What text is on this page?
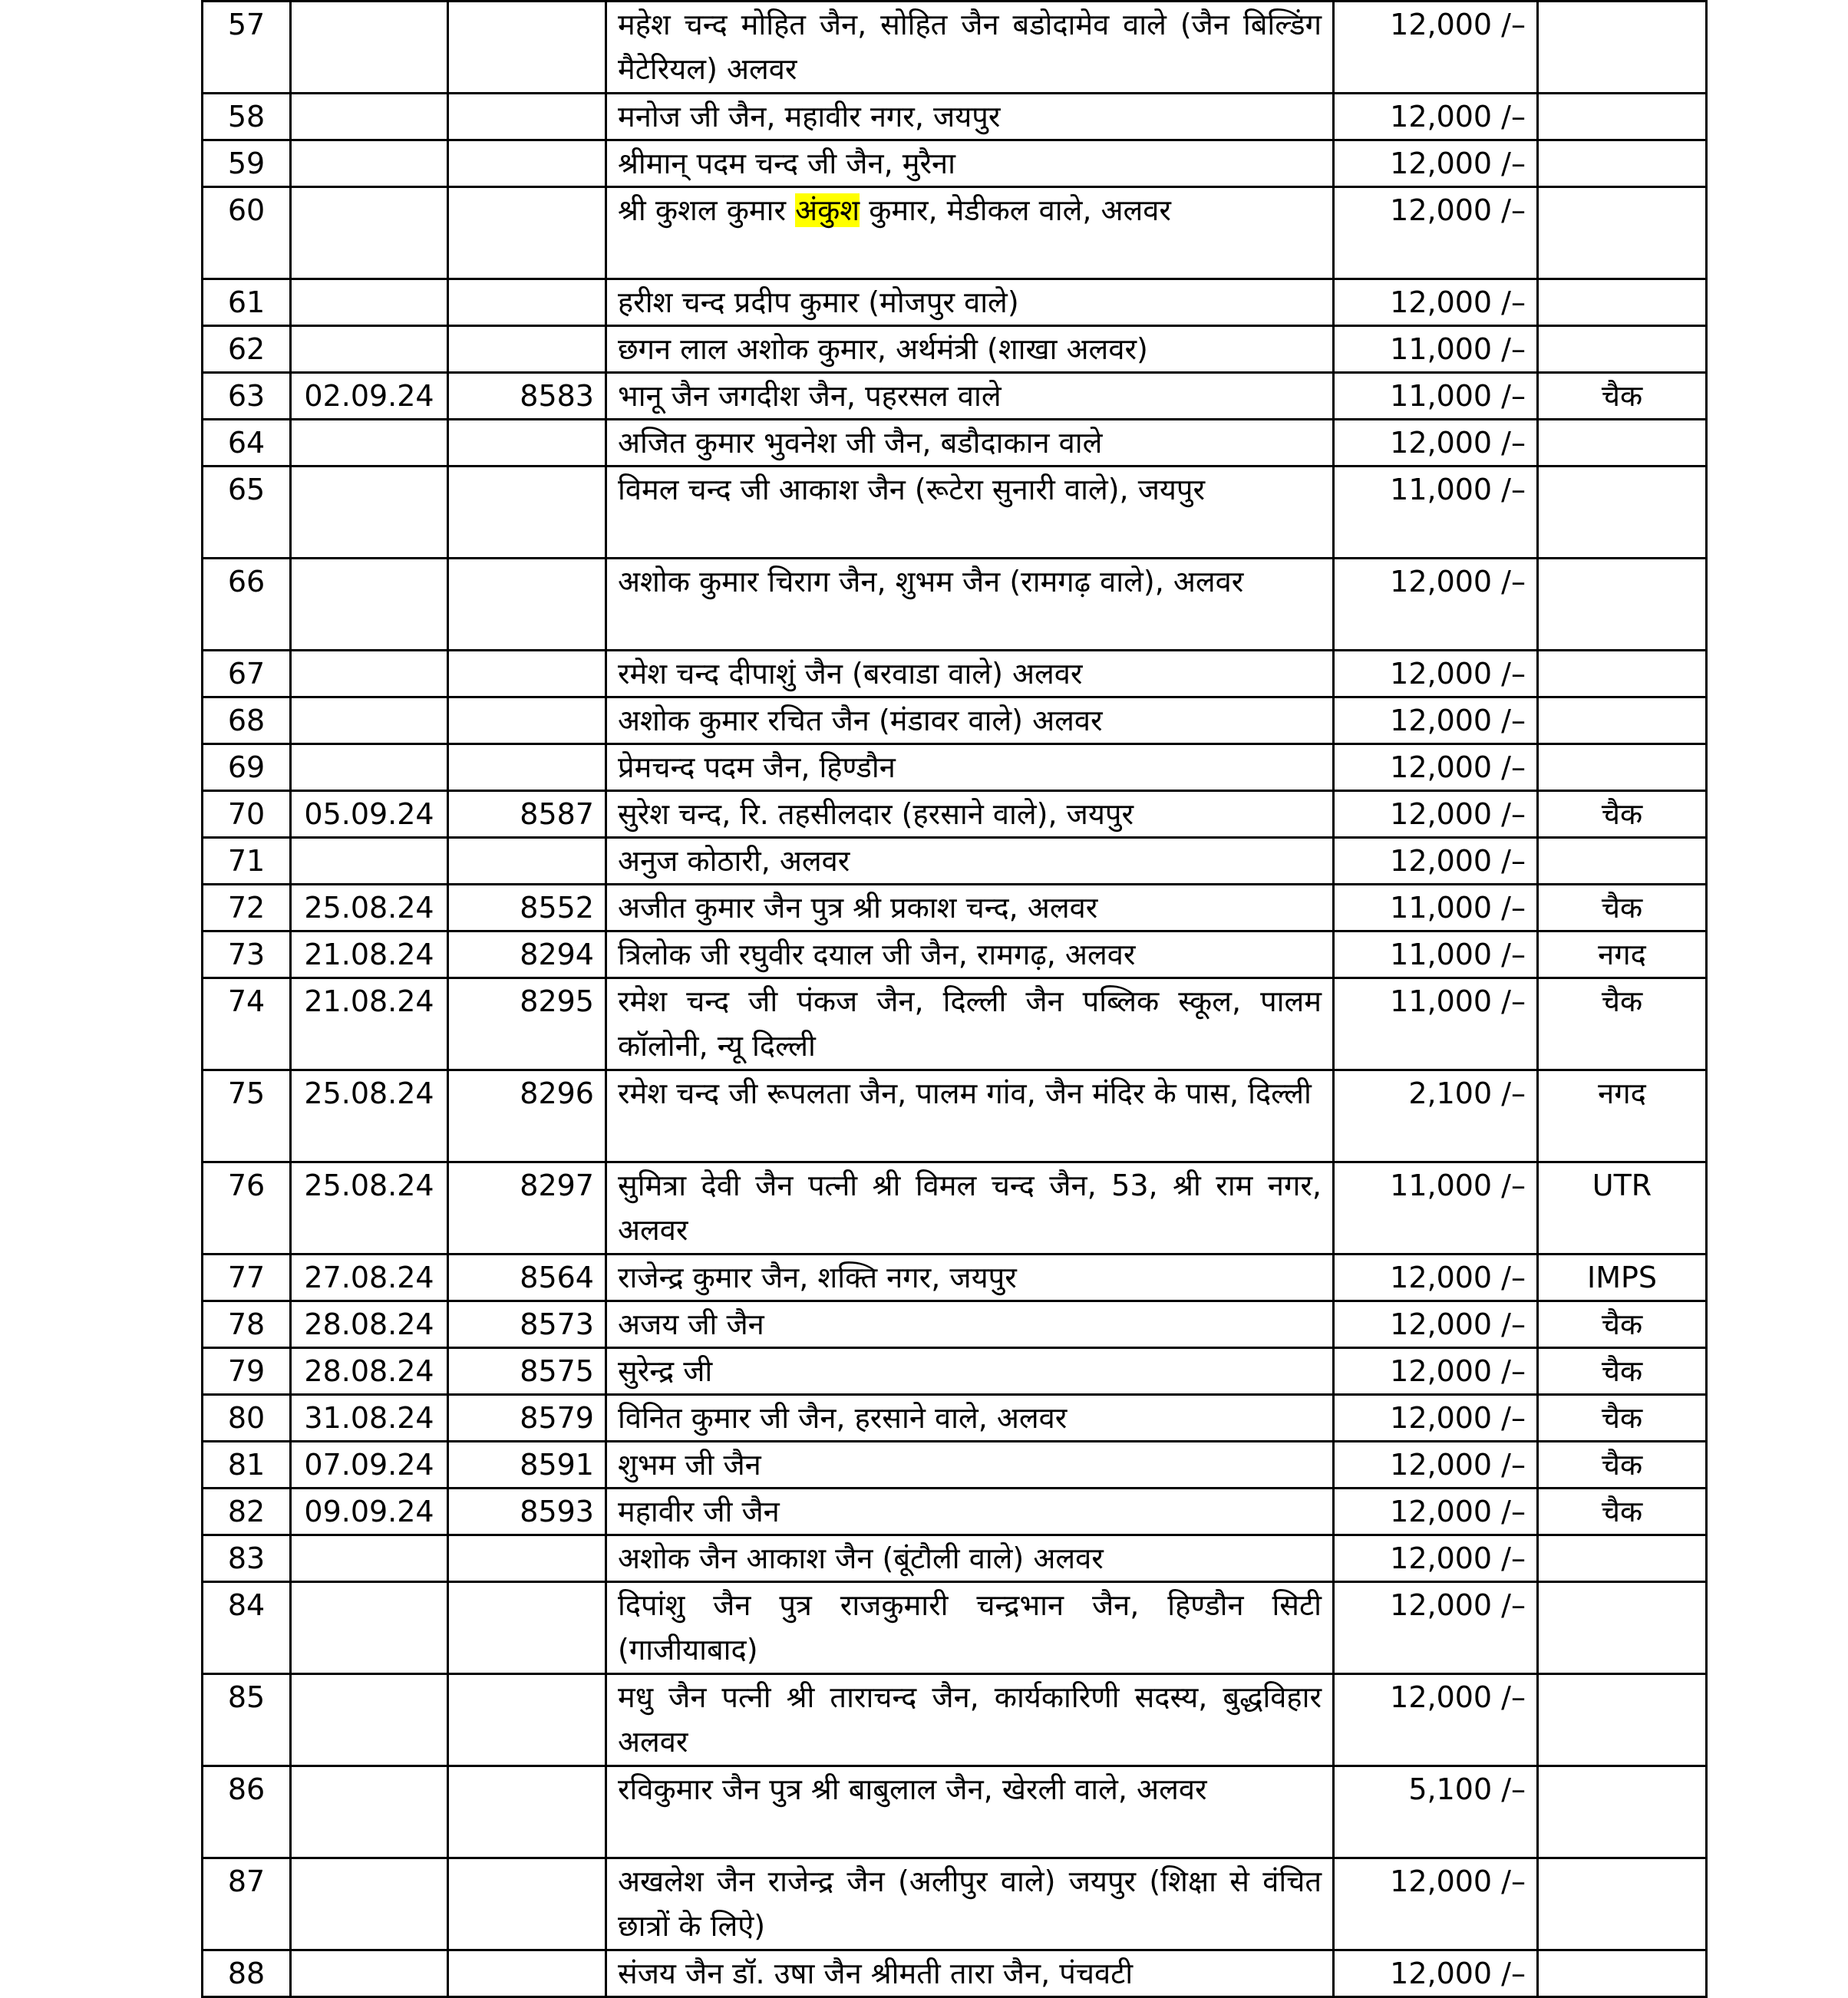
57			महेश चन्द मोहित जैन, सोहित जैन बडोदामेव वाले (जैन बिल्डिंग मैटेरियल) अलवर	12,000 /–	
58			मनोज जी जैन, महावीर नगर, जयपुर	12,000 /–	
59			श्रीमान् पदम चन्द जी जैन, मुरैना	12,000 /–	
60			श्री कुशल कुमार अंकुश कुमार, मेडीकल वाले, अलवर	12,000 /–	
61			हरीश चन्द प्रदीप कुमार (मोजपुर वाले)	12,000 /–	
62			छगन लाल अशोक कुमार, अर्थमंत्री (शाखा अलवर)	11,000 /–	
63	02.09.24	8583	भानू जैन जगदीश जैन, पहरसल वाले	11,000 /–	चैक
64			अजित कुमार भुवनेश जी जैन, बडौदाकान वाले	12,000 /–	
65			विमल चन्द जी आकाश जैन (रूटेरा सुनारी वाले), जयपुर	11,000 /–	
66			अशोक कुमार चिराग जैन, शुभम जैन (रामगढ़ वाले), अलवर	12,000 /–	
67			रमेश चन्द दीपाशुं जैन (बरवाडा वाले) अलवर	12,000 /–	
68			अशोक कुमार रचित जैन (मंडावर वाले) अलवर	12,000 /–	
69			प्रेमचन्द पदम जैन, हिण्डौन	12,000 /–	
70	05.09.24	8587	सुरेश चन्द, रि. तहसीलदार (हरसाने वाले), जयपुर	12,000 /–	चैक
71			अनुज कोठारी, अलवर	12,000 /–	
72	25.08.24	8552	अजीत कुमार जैन पुत्र श्री प्रकाश चन्द, अलवर	11,000 /–	चैक
73	21.08.24	8294	त्रिलोक जी रघुवीर दयाल जी जैन, रामगढ़, अलवर	11,000 /–	नगद
74	21.08.24	8295	रमेश चन्द जी पंकज जैन, दिल्ली जैन पब्लिक स्कूल, पालम कॉलोनी, न्यू दिल्ली	11,000 /–	चैक
75	25.08.24	8296	रमेश चन्द जी रूपलता जैन, पालम गांव, जैन मंदिर के पास, दिल्ली	2,100 /–	नगद
76	25.08.24	8297	सुमित्रा देवी जैन पत्नी श्री विमल चन्द जैन, 53, श्री राम नगर, अलवर	11,000 /–	UTR
77	27.08.24	8564	राजेन्द्र कुमार जैन, शक्ति नगर, जयपुर	12,000 /–	IMPS
78	28.08.24	8573	अजय जी जैन	12,000 /–	चैक
79	28.08.24	8575	सुरेन्द्र जी	12,000 /–	चैक
80	31.08.24	8579	विनित कुमार जी जैन, हरसाने वाले, अलवर	12,000 /–	चैक
81	07.09.24	8591	शुभम जी जैन	12,000 /–	चैक
82	09.09.24	8593	महावीर जी जैन	12,000 /–	चैक
83			अशोक जैन आकाश जैन (बूंटौली वाले) अलवर	12,000 /–	
84			दिपांशु जैन पुत्र राजकुमारी चन्द्रभान जैन, हिण्डौन सिटी (गाजीयाबाद)	12,000 /–	
85			मधु जैन पत्नी श्री ताराचन्द जैन, कार्यकारिणी सदस्य, बुद्धविहार अलवर	12,000 /–	
86			रविकुमार जैन पुत्र श्री बाबुलाल जैन, खेरली वाले, अलवर	5,100 /–	
87			अखलेश जैन राजेन्द्र जैन (अलीपुर वाले) जयपुर (शिक्षा से वंचित छात्रों के लिऐ)	12,000 /–	
88			संजय जैन डॉ. उषा जैन श्रीमती तारा जैन, पंचवटी	12,000 /–	
